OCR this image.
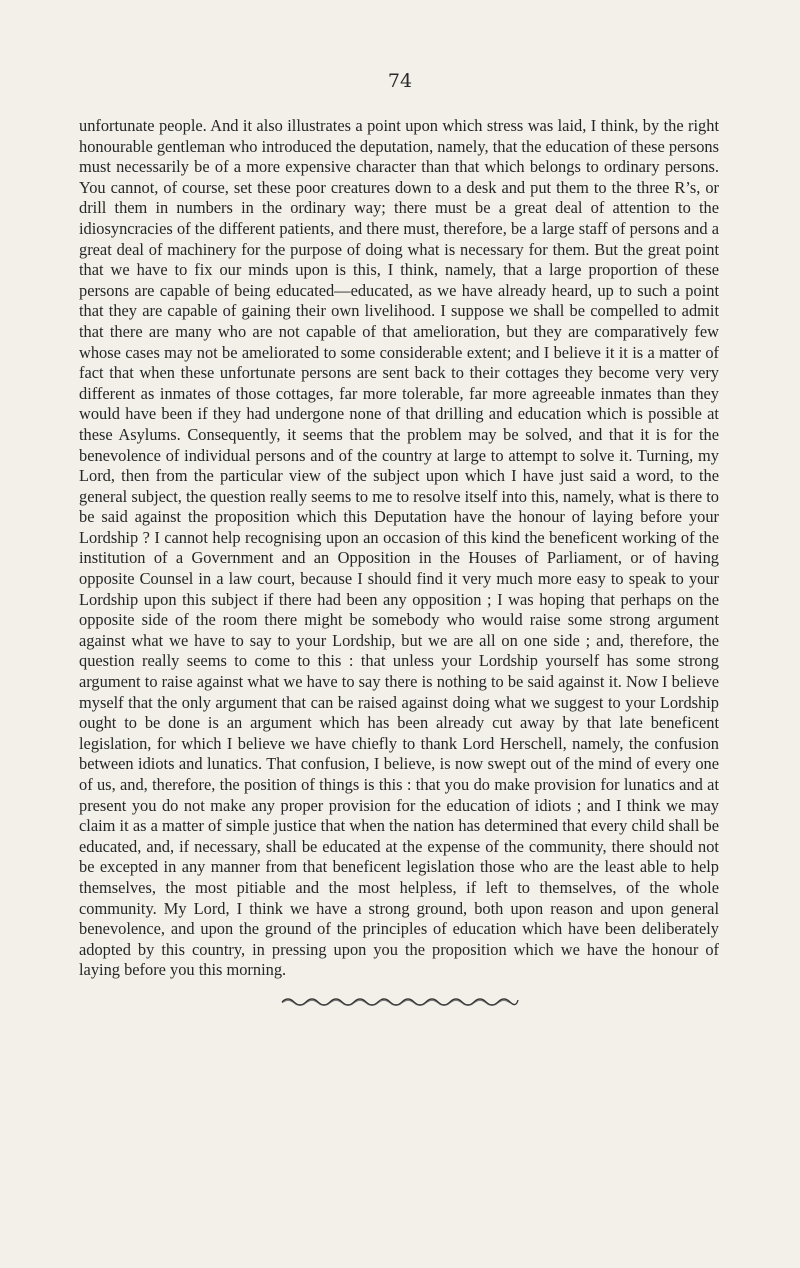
74
unfortunate people. And it also illustrates a point upon which stress was laid, I think, by the right honourable gentleman who introduced the deputation, namely, that the education of these persons must necessarily be of a more expensive character than that which belongs to ordinary persons. You cannot, of course, set these poor creatures down to a desk and put them to the three R’s, or drill them in numbers in the ordinary way; there must be a great deal of attention to the idiosyncracies of the different patients, and there must, therefore, be a large staff of persons and a great deal of machinery for the purpose of doing what is necessary for them. But the great point that we have to fix our minds upon is this, I think, namely, that a large proportion of these persons are capable of being educated—educated, as we have already heard, up to such a point that they are capable of gaining their own livelihood. I suppose we shall be compelled to admit that there are many who are not capable of that amelioration, but they are comparatively few whose cases may not be ameliorated to some considerable extent; and I believe it it is a matter of fact that when these unfortunate persons are sent back to their cottages they become very very different as inmates of those cottages, far more tolerable, far more agreeable inmates than they would have been if they had undergone none of that drilling and education which is possible at these Asylums. Consequently, it seems that the problem may be solved, and that it is for the benevolence of individual persons and of the country at large to attempt to solve it. Turning, my Lord, then from the particular view of the subject upon which I have just said a word, to the general subject, the question really seems to me to resolve itself into this, namely, what is there to be said against the proposition which this Deputation have the honour of laying before your Lordship ? I cannot help recognising upon an occasion of this kind the beneficent working of the institution of a Government and an Opposition in the Houses of Parliament, or of having opposite Counsel in a law court, because I should find it very much more easy to speak to your Lordship upon this subject if there had been any opposition ; I was hoping that perhaps on the opposite side of the room there might be somebody who would raise some strong argument against what we have to say to your Lordship, but we are all on one side ; and, therefore, the question really seems to come to this : that unless your Lordship yourself has some strong argument to raise against what we have to say there is nothing to be said against it. Now I believe myself that the only argument that can be raised against doing what we suggest to your Lordship ought to be done is an argument which has been already cut away by that late beneficent legislation, for which I believe we have chiefly to thank Lord Herschell, namely, the confusion between idiots and lunatics. That confusion, I believe, is now swept out of the mind of every one of us, and, therefore, the position of things is this : that you do make provision for lunatics and at present you do not make any proper provision for the education of idiots ; and I think we may claim it as a matter of simple justice that when the nation has determined that every child shall be educated, and, if necessary, shall be educated at the expense of the community, there should not be excepted in any manner from that beneficent legislation those who are the least able to help themselves, the most pitiable and the most helpless, if left to themselves, of the whole community. My Lord, I think we have a strong ground, both upon reason and upon general benevolence, and upon the ground of the principles of education which have been deliberately adopted by this country, in pressing upon you the proposition which we have the honour of laying before you this morning.
